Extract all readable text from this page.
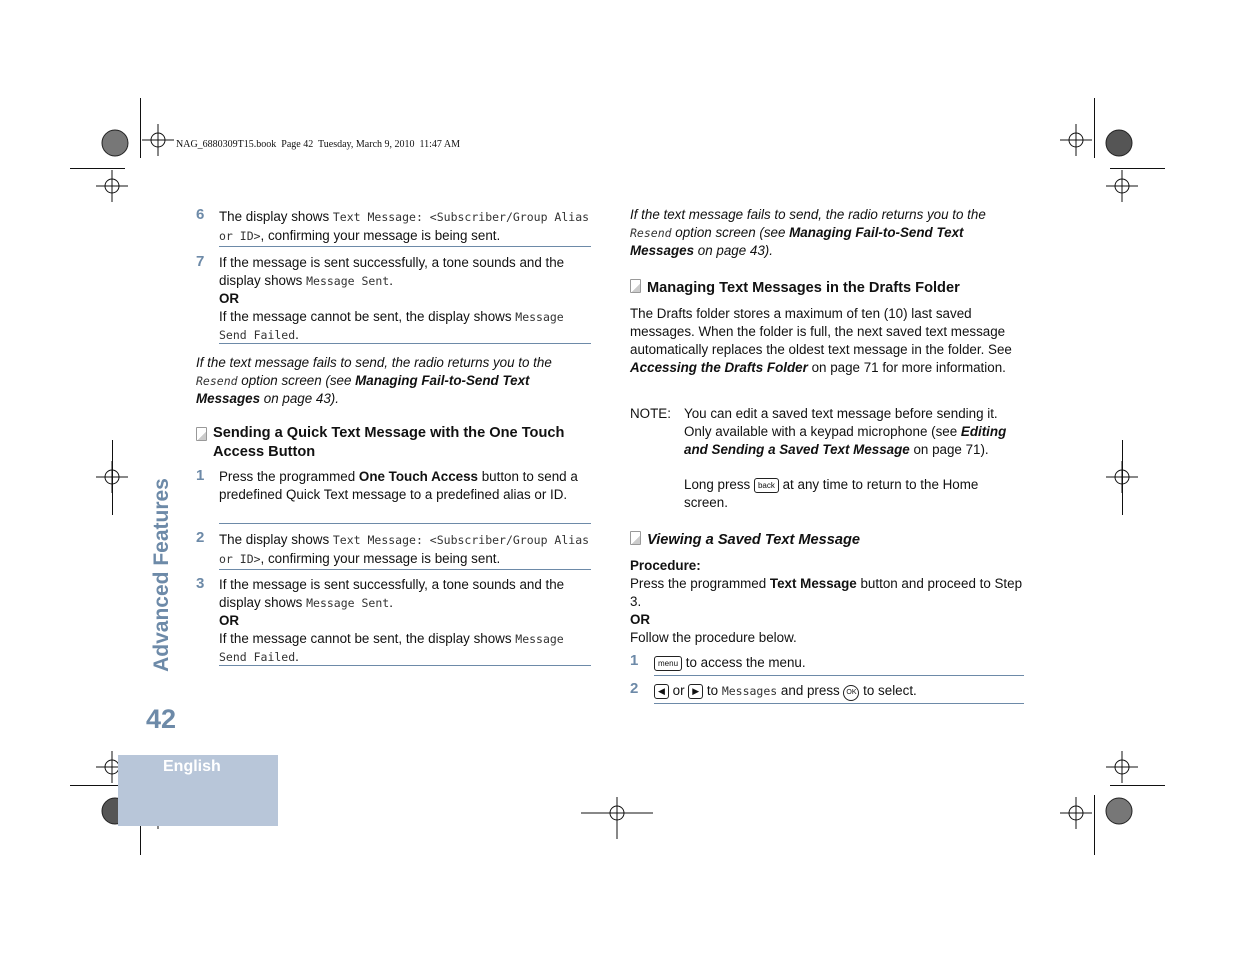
NAG_6880309T15.book  Page 42  Tuesday, March 9, 2010  11:47 AM
Advanced Features
42
English
6 The display shows Text Message: <Subscriber/Group Alias or ID>, confirming your message is being sent.
7 If the message is sent successfully, a tone sounds and the display shows Message Sent.
OR
If the message cannot be sent, the display shows Message Send Failed.
If the text message fails to send, the radio returns you to the Resend option screen (see Managing Fail-to-Send Text Messages on page 43).
Sending a Quick Text Message with the One Touch Access Button
1 Press the programmed One Touch Access button to send a predefined Quick Text message to a predefined alias or ID.
2 The display shows Text Message: <Subscriber/Group Alias or ID>, confirming your message is being sent.
3 If the message is sent successfully, a tone sounds and the display shows Message Sent.
OR
If the message cannot be sent, the display shows Message Send Failed.
If the text message fails to send, the radio returns you to the Resend option screen (see Managing Fail-to-Send Text Messages on page 43).
Managing Text Messages in the Drafts Folder
The Drafts folder stores a maximum of ten (10) last saved messages. When the folder is full, the next saved text message automatically replaces the oldest text message in the folder. See Accessing the Drafts Folder on page 71 for more information.
NOTE: You can edit a saved text message before sending it. Only available with a keypad microphone (see Editing and Sending a Saved Text Message on page 71).
Long press back at any time to return to the Home screen.
Viewing a Saved Text Message
Procedure:
Press the programmed Text Message button and proceed to Step 3.
OR
Follow the procedure below.
1	menu to access the menu.
2	◀ or ▶ to Messages and press OK to select.
